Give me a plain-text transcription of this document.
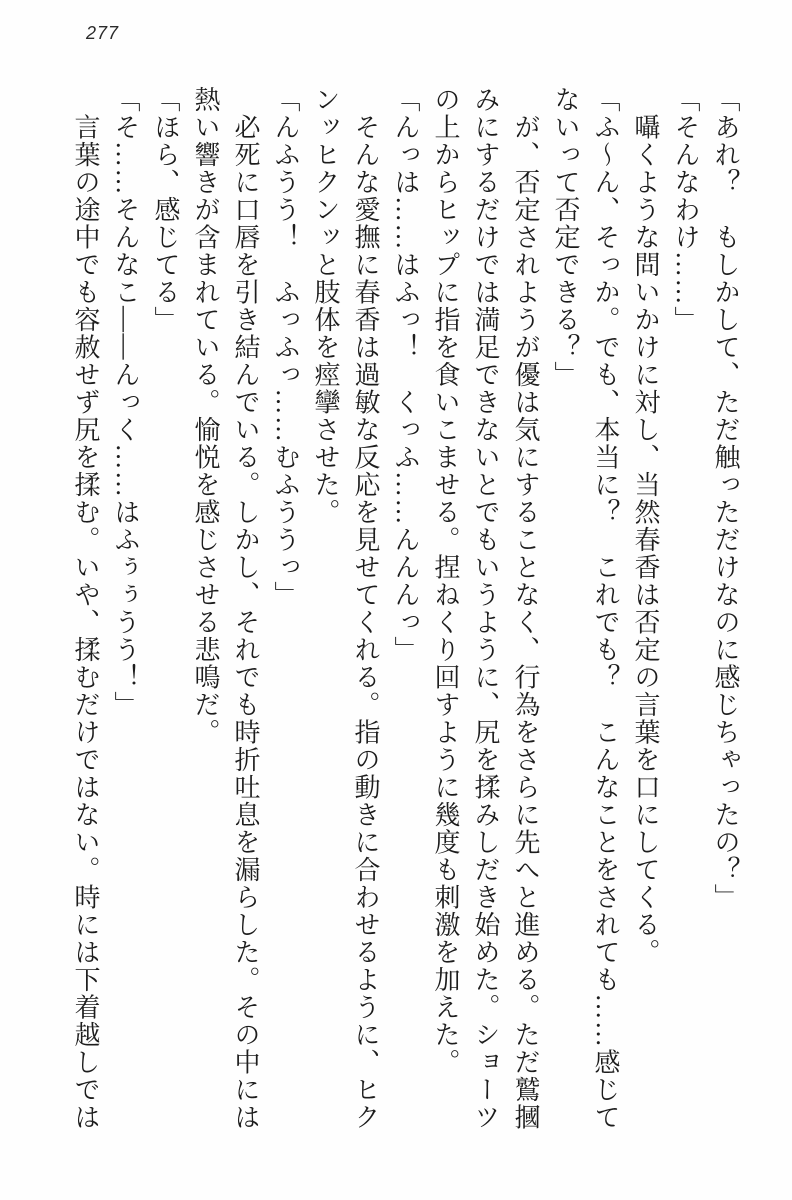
277
「あれ？　もしかして、ただ触っただけなのに感じちゃったの？」
「そんなわけ……」
　囁くような問いかけに対し、当然春香は否定の言葉を口にしてくる。
「ふ〜ん、そっか。でも、本当に？　これでも？　こんなことをされても……感じて
ないって否定できる？」
　が、否定されようが優は気にすることなく、行為をさらに先へと進める。ただ鷲摑
みにするだけでは満足できないとでもいうように、尻を揉みしだき始めた。ショーツ
の上からヒップに指を食いこませる。捏ねくり回すように幾度も刺激を加えた。
「んっは……はふっ！　くっふ……んんんっ」
　そんな愛撫に春香は過敏な反応を見せてくれる。指の動きに合わせるように、ヒク
ンッヒクンッと肢体を痙攣させた。
「んふうう！　ふっふっ……むふううっ」
　必死に口唇を引き結んでいる。しかし、それでも時折吐息を漏らした。その中には
熱い響きが含まれている。愉悦を感じさせる悲鳴だ。
「ほら、感じてる」
「そ……そんなこ――んっく……はふぅぅうう！」
　言葉の途中でも容赦せず尻を揉む。いや、揉むだけではない。時には下着越しでは
